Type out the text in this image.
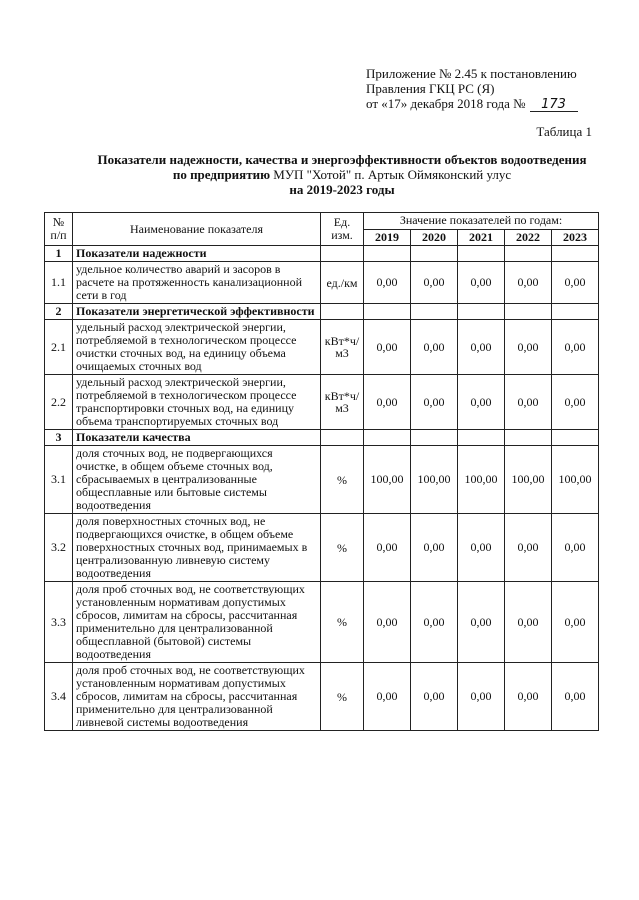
Приложение № 2.45 к постановлению
Правления ГКЦ РС (Я)
от «17» декабря 2018 года № 173
Таблица 1
Показатели надежности, качества и энергоэффективности объектов водоотведения
по предприятию МУП "Хотой" п. Артык Оймяконский улус
на 2019-2023 годы
№ п/п	Наименование показателя	Ед. изм.	Значение показателей по годам:				
			2019	2020	2021	2022	2023
1	Показатели надежности						
1.1	удельное количество аварий и засоров в расчете на протяженность канализационной сети в год	ед./км	0,00	0,00	0,00	0,00	0,00
2	Показатели энергетической эффективности						
2.1	удельный расход электрической энергии, потребляемой в технологическом процессе очистки сточных вод, на единицу объема очищаемых сточных вод	кВт*ч/м3	0,00	0,00	0,00	0,00	0,00
2.2	удельный расход электрической энергии, потребляемой в технологическом процессе транспортировки сточных вод, на единицу объема транспортируемых сточных вод	кВт*ч/м3	0,00	0,00	0,00	0,00	0,00
3	Показатели качества						
3.1	доля сточных вод, не подвергающихся очистке, в общем объеме сточных вод, сбрасываемых в централизованные общесплавные или бытовые системы водоотведения	%	100,00	100,00	100,00	100,00	100,00
3.2	доля поверхностных сточных вод, не подвергающихся очистке, в общем объеме поверхностных сточных вод, принимаемых в централизованную ливневую систему водоотведения	%	0,00	0,00	0,00	0,00	0,00
3.3	доля проб сточных вод, не соответствующих установленным нормативам допустимых сбросов, лимитам на сбросы, рассчитанная применительно для централизованной общесплавной (бытовой) системы водоотведения	%	0,00	0,00	0,00	0,00	0,00
3.4	доля проб сточных вод, не соответствующих установленным нормативам допустимых сбросов, лимитам на сбросы, рассчитанная применительно для централизованной ливневой системы водоотведения	%	0,00	0,00	0,00	0,00	0,00
